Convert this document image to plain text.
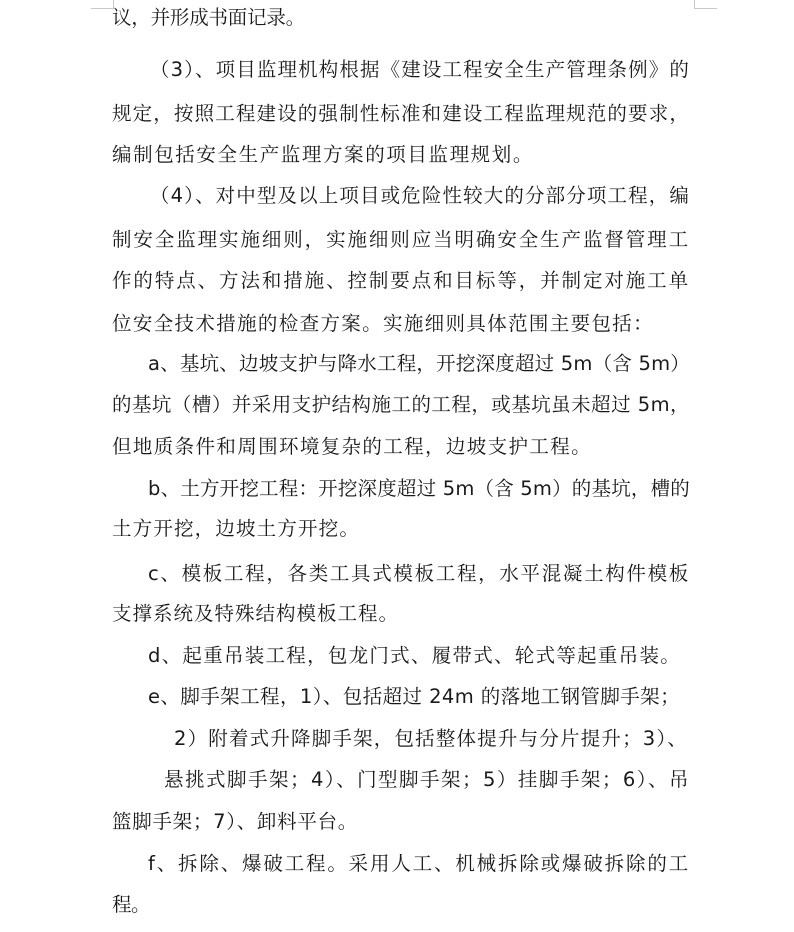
议，并形成书面记录。
（3）、项目监理机构根据《建设工程安全生产管理条例》的
规定，按照工程建设的强制性标准和建设工程监理规范的要求，
编制包括安全生产监理方案的项目监理规划。
（4）、对中型及以上项目或危险性较大的分部分项工程，编
制安全监理实施细则，实施细则应当明确安全生产监督管理工
作的特点、方法和措施、控制要点和目标等，并制定对施工单
位安全技术措施的检查方案。实施细则具体范围主要包括：
a、基坑、边坡支护与降水工程，开挖深度超过 5m（含 5m）
的基坑（槽）并采用支护结构施工的工程，或基坑虽未超过 5m，
但地质条件和周围环境复杂的工程，边坡支护工程。
b、土方开挖工程：开挖深度超过 5m（含 5m）的基坑，槽的
土方开挖，边坡土方开挖。
c、模板工程，各类工具式模板工程，水平混凝土构件模板
支撑系统及特殊结构模板工程。
d、起重吊装工程，包龙门式、履带式、轮式等起重吊装。
e、脚手架工程，1）、包括超过 24m 的落地工钢管脚手架；
2）附着式升降脚手架，包括整体提升与分片提升；3）、
悬挑式脚手架；4）、门型脚手架；5）挂脚手架；6）、吊
篮脚手架；7）、卸料平台。
f、拆除、爆破工程。采用人工、机械拆除或爆破拆除的工
程。
